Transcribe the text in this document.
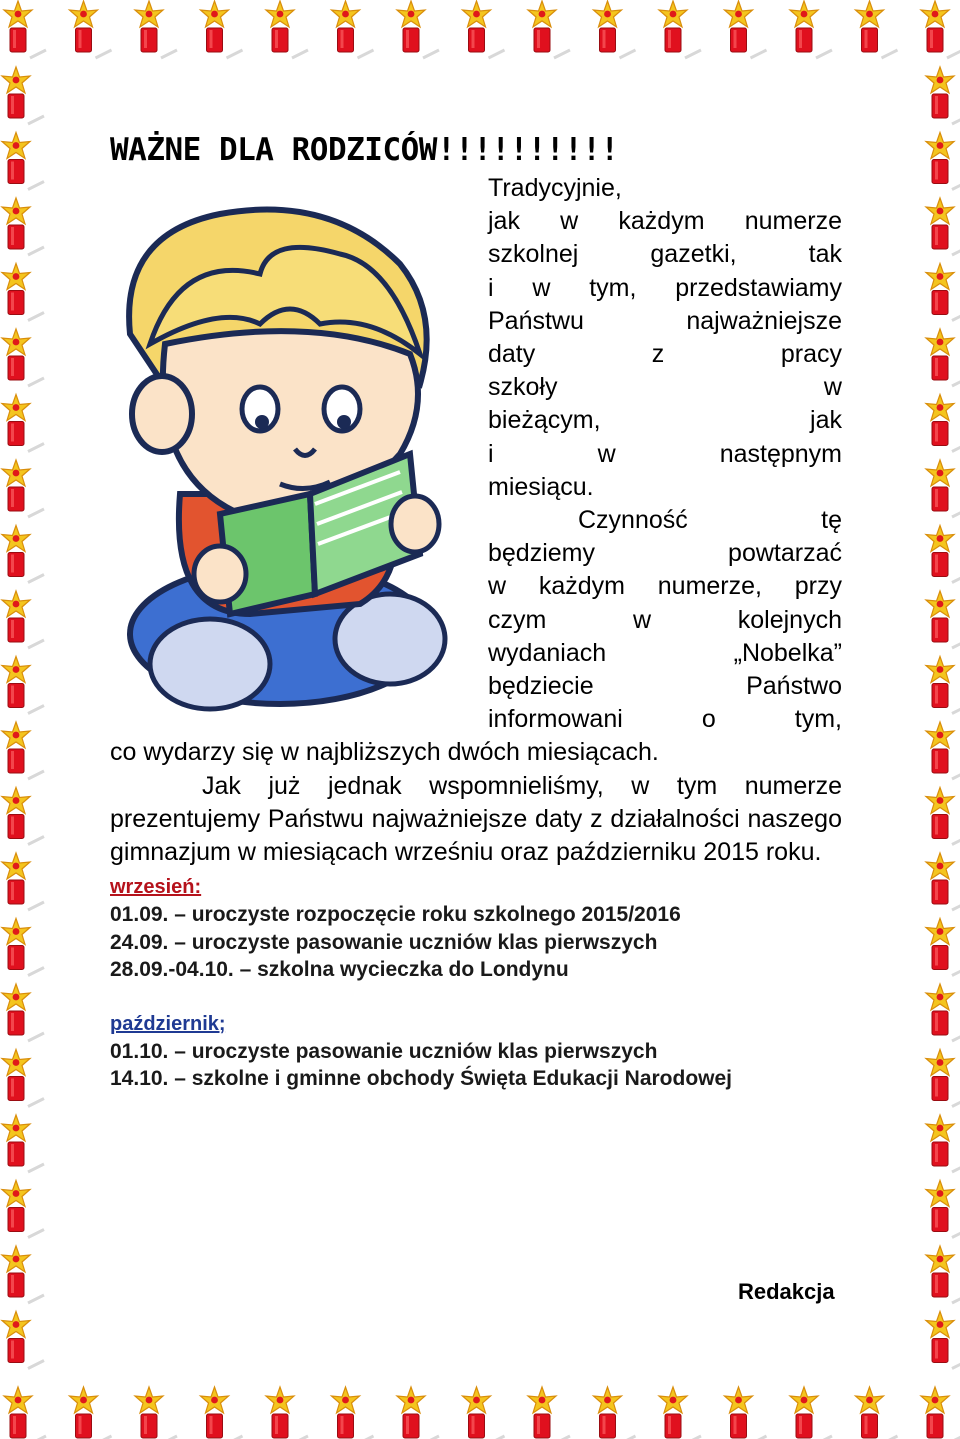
WAŻNE DLA RODZICÓW!!!!!!!!!!

Tradycyjnie,
jak w każdym numerze
szkolnej gazetki, tak
i w tym, przedstawiamy
Państwu najważniejsze
daty z pracy
szkoły w
bieżącym, jak
i w następnym
miesiącu.

Czynność tę
będziemy powtarzać
w każdym numerze, przy
czym w kolejnych
wydaniach „Nobelka”
będziecie Państwo
informowani o tym,

co wydarzy się w najbliższych dwóch miesiącach.

Jak już jednak wspomnieliśmy, w tym numerze prezentujemy Państwu najważniejsze daty z działalności naszego gimnazjum w miesiącach wrześniu oraz październiku 2015 roku.

wrzesień:
01.09. – uroczyste rozpoczęcie roku szkolnego 2015/2016
24.09. – uroczyste pasowanie uczniów klas pierwszych
28.09.-04.10. – szkolna wycieczka do Londynu
październik;
01.10. – uroczyste pasowanie uczniów klas pierwszych
14.10. – szkolne i gminne obchody Święta Edukacji Narodowej
Redakcja
